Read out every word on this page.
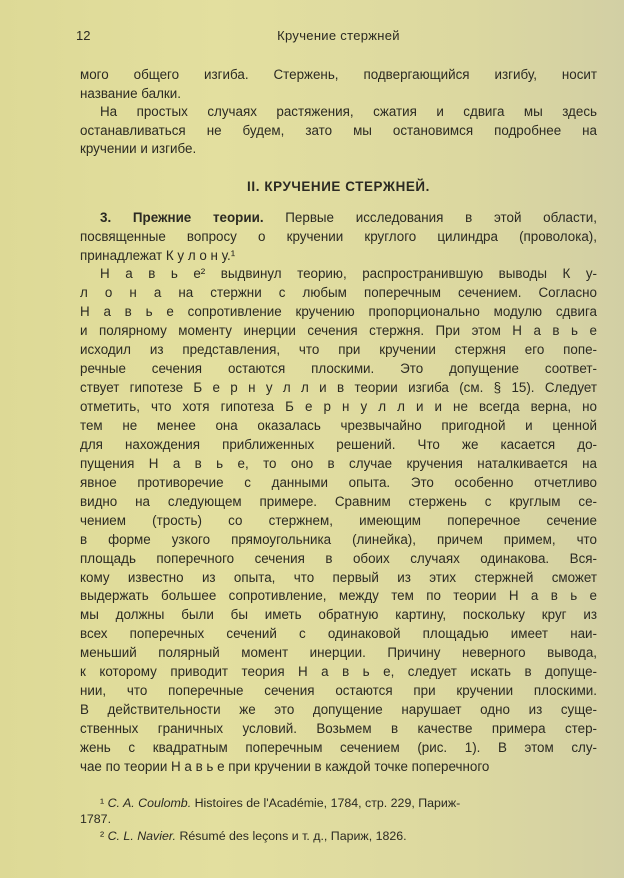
12	Кручение стержней
мого общего изгиба. Стержень, подвергающийся изгибу, носит
название балки.
На простых случаях растяжения, сжатия и сдвига мы здесь
останавливаться не будем, зато мы остановимся подробнее на
кручении и изгибе.
Н а в ь е² выдвинул теорию, распространившую выводы К у-
л о н а на стержни с любым поперечным сечением. Согласно
Н а в ь е сопротивление кручению пропорционально модулю сдвига
и полярному моменту инерции сечения стержня. При этом Н а в ь е
исходил из представления, что при кручении стержня его попе-
речные сечения остаются плоскими. Это допущение соответ-
ствует гипотезе Б е р н у л л и в теории изгиба (см. § 15). Следует
отметить, что хотя гипотеза Б е р н у л л и и не всегда верна, но
тем не менее она оказалась чрезвычайно пригодной и ценной
для нахождения приближенных решений. Что же касается до-
пущения Н а в ь е, то оно в случае кручения наталкивается на
явное противоречие с данными опыта. Это особенно отчетливо
видно на следующем примере. Сравним стержень с круглым се-
чением (трость) со стержнем, имеющим поперечное сечение
в форме узкого прямоугольника (линейка), причем примем, что
площадь поперечного сечения в обоих случаях одинакова. Вся-
кому известно из опыта, что первый из этих стержней сможет
выдержать большее сопротивление, между тем по теории Н а в ь е
мы должны были бы иметь обратную картину, поскольку круг из
всех поперечных сечений с одинаковой площадью имеет наи-
меньший полярный момент инерции. Причину неверного вывода,
к которому приводит теория Н а в ь е, следует искать в допуще-
нии, что поперечные сечения остаются при кручении плоскими.
В действительности же это допущение нарушает одно из суще-
ственных граничных условий. Возьмем в качестве примера стер-
жень с квадратным поперечным сечением (рис. 1). В этом слу-
чае по теории Н а в ь е при кручении в каждой точке поперечного
II. КРУЧЕНИЕ СТЕРЖНЕЙ.
3. Прежние теории. Первые исследования в этой области,
посвященные вопросу о кручении круглого цилиндра (проволока),
принадлежат К у л о н у.¹
¹ C. A. Coulomb. Histoires de l'Académie, 1784, стр. 229, Париж-
1787.
² C. L. Navier. Résumé des leçons и т. д., Париж, 1826.
